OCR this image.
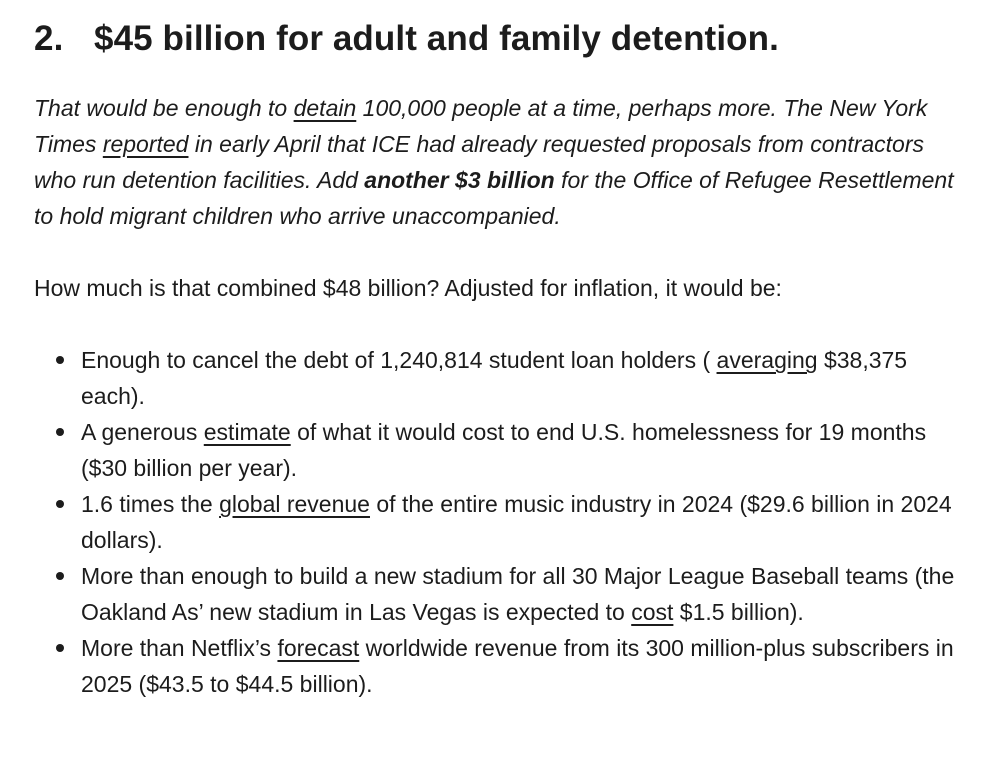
2. $45 billion for adult and family detention.

That would be enough to detain 100,000 people at a time, perhaps more. The New York Times reported in early April that ICE had already requested proposals from contractors who run detention facilities. Add another $3 billion for the Office of Refugee Resettlement to hold migrant children who arrive unaccompanied.

How much is that combined $48 billion? Adjusted for inflation, it would be:

Enough to cancel the debt of 1,240,814 student loan holders ( averaging $38,375 each).
A generous estimate of what it would cost to end U.S. homelessness for 19 months ($30 billion per year).
1.6 times the global revenue of the entire music industry in 2024 ($29.6 billion in 2024 dollars).
More than enough to build a new stadium for all 30 Major League Baseball teams (the Oakland As’ new stadium in Las Vegas is expected to cost $1.5 billion).
More than Netflix’s forecast worldwide revenue from its 300 million-plus subscribers in 2025 ($43.5 to $44.5 billion).
